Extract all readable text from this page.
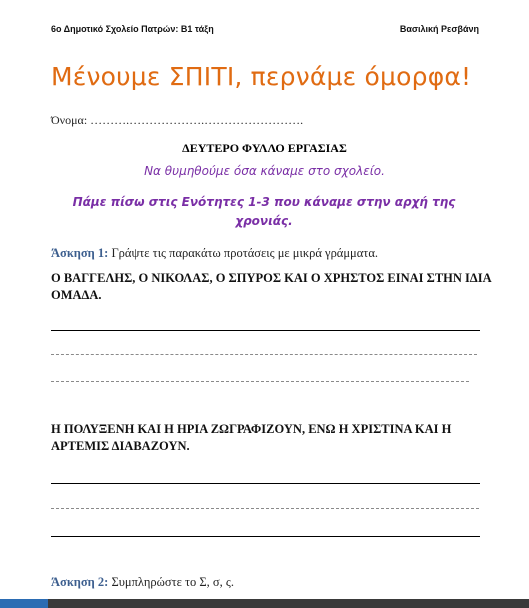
6ο Δημοτικό Σχολείο Πατρών: Β1 τάξη	Βασιλική Ρεσβάνη
Μένουμε ΣΠΙΤΙ, περνάμε όμορφα!
Όνομα: ……….……………….…………………….
ΔΕΥΤΕΡΟ ΦΥΛΛΟ ΕΡΓΑΣΙΑΣ
Να θυμηθούμε όσα κάναμε στο σχολείο.
Πάμε πίσω στις Ενότητες 1-3 που κάναμε στην αρχή της χρονιάς.
Άσκηση 1: Γράψτε τις παρακάτω προτάσεις με μικρά γράμματα.
Ο ΒΑΓΓΕΛΗΣ, Ο ΝΙΚΟΛΑΣ, Ο ΣΠΥΡΟΣ ΚΑΙ Ο ΧΡΗΣΤΟΣ ΕΙΝΑΙ ΣΤΗΝ ΙΔΙΑ ΟΜΑΔΑ.
Η ΠΟΛΥΞΕΝΗ ΚΑΙ Η ΗΡΙΑ ΖΩΓΡΑΦΙΖΟΥΝ, ΕΝΩ Η ΧΡΙΣΤΙΝΑ ΚΑΙ Η ΑΡΤΕΜΙΣ ΔΙΑΒΑΖΟΥΝ.
Άσκηση 2: Συμπληρώστε το Σ, σ, ς.
